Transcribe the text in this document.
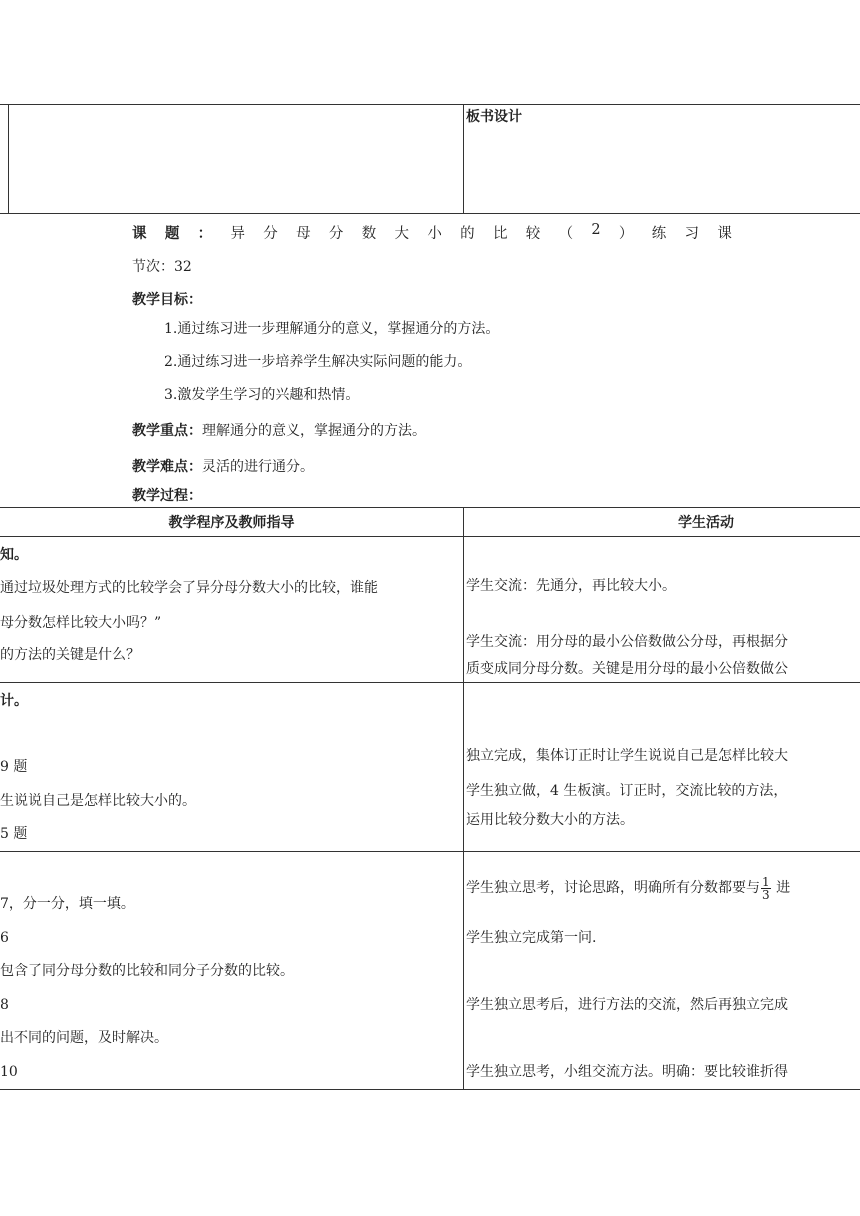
板书设计
课 题 ： 异 分 母 分 数 大 小 的 比 较 （ 2 ） 练 习 课
节次：32
教学目标：
1.通过练习进一步理解通分的意义，掌握通分的方法。
2.通过练习进一步培养学生解决实际问题的能力。
3.激发学生学习的兴趣和热情。
教学重点：理解通分的意义，掌握通分的方法。
教学难点：灵活的进行通分。
教学过程：
教学程序及教师指导	学生活动
知。
通过垃圾处理方式的比较学会了异分母分数大小的比较，谁能
母分数怎样比较大小吗？”
的方法的关键是什么？
学生交流：先通分，再比较大小。
学生交流：用分母的最小公倍数做公分母，再根据分
质变成同分母分数。关键是用分母的最小公倍数做公
计。
9 题
生说说自己是怎样比较大小的。
5 题
独立完成，集体订正时让学生说说自己是怎样比较大
学生独立做，4 生板演。订正时，交流比较的方法，
运用比较分数大小的方法。
7，分一分，填一填。
6
包含了同分母分数的比较和同分子分数的比较。
8
出不同的问题，及时解决。
10
学生独立思考，讨论思路，明确所有分数都要与 $\frac{1}{3}$ 进
学生独立完成第一问.
学生独立思考后，进行方法的交流，然后再独立完成
学生独立思考，小组交流方法。明确：要比较谁折得
